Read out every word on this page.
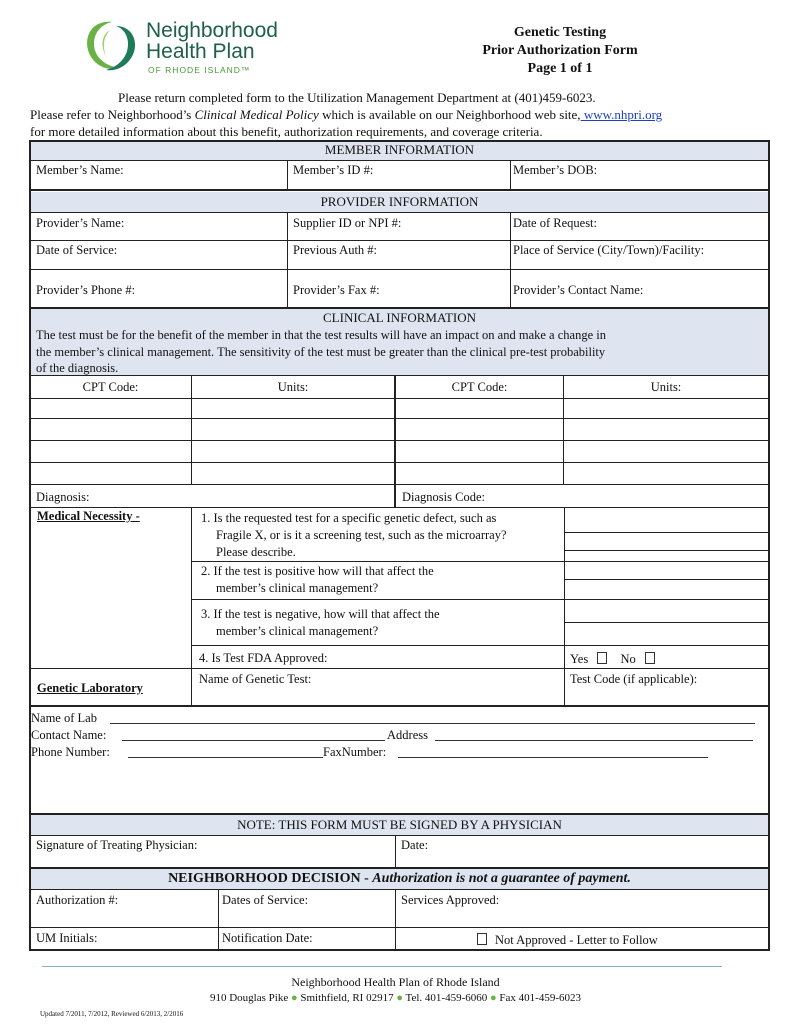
Neighborhood
Health Plan
OF RHODE ISLAND™
Genetic Testing
Prior Authorization Form
Page 1 of 1
Please return completed form to the Utilization Management Department at (401)459-6023.
Please refer to Neighborhood’s Clinical Medical Policy which is available on our Neighborhood web site, www.nhpri.org
for more detailed information about this benefit, authorization requirements, and coverage criteria.
MEMBER INFORMATION
Member’s Name:	Member’s ID #:	Member’s DOB:
PROVIDER INFORMATION
Provider’s Name:	Supplier ID or NPI #:	Date of Request:
Date of Service:	Previous Auth #:	Place of Service (City/Town)/Facility:
Provider’s Phone #:	Provider’s Fax #:	Provider’s Contact Name:
CLINICAL INFORMATION
The test must be for the benefit of the member in that the test results will have an impact on and make a change in
the member’s clinical management. The sensitivity of the test must be greater than the clinical pre-test probability
of the diagnosis.
CPT Code:	Units:	CPT Code:	Units:
Diagnosis:	Diagnosis Code:
Medical Necessity -	1. Is the requested test for a specific genetic defect, such as
Fragile X, or is it a screening test, such as the microarray?
Please describe.
2. If the test is positive how will that affect the
member’s clinical management?
3. If the test is negative, how will that affect the
member’s clinical management?
4. Is Test FDA Approved:	Yes	No
Genetic Laboratory
Name of Genetic Test:	Test Code (if applicable):
Name of Lab
Contact Name:	Address
Phone Number:	FaxNumber:
NOTE: THIS FORM MUST BE SIGNED BY A PHYSICIAN
Signature of Treating Physician:	Date:
NEIGHBORHOOD DECISION - Authorization is not a guarantee of payment.
Authorization #:	Dates of Service:	Services Approved:
UM Initials:	Notification Date:	Not Approved - Letter to Follow
Neighborhood Health Plan of Rhode Island
910 Douglas Pike ● Smithfield, RI 02917 ● Tel. 401-459-6060 ● Fax 401-459-6023
Updated 7/2011, 7/2012, Reviewed 6/2013, 2/2016
